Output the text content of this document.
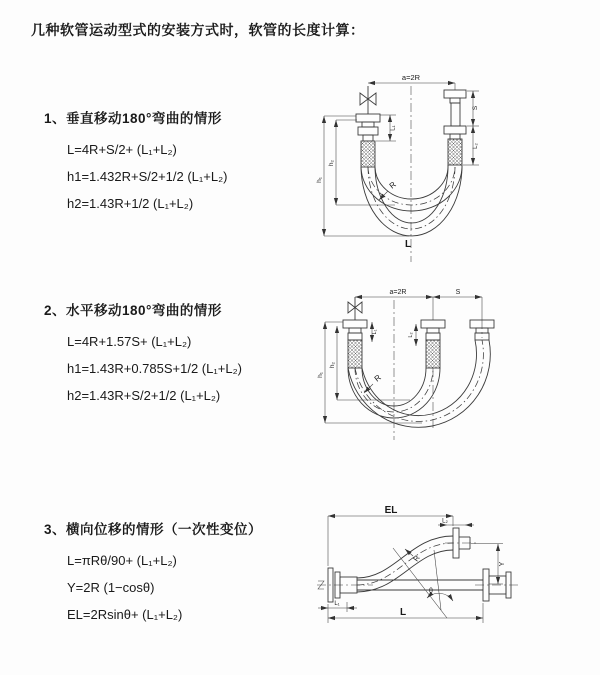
几种软管运动型式的安装方式时，软管的长度计算：
1、垂直移动180°弯曲的情形
L=4R+S/2+ (L₁+L₂)
h1=1.432R+S/2+1/2 (L₁+L₂)
h2=1.43R+1/2 (L₁+L₂)
2、水平移动180°弯曲的情形
L=4R+1.57S+ (L₁+L₂)
h1=1.43R+0.785S+1/2 (L₁+L₂)
h2=1.43R+S/2+1/2 (L₁+L₂)
3、横向位移的情形（一次性变位）
L=πRθ/90+ (L₁+L₂)
Y=2R (1−cosθ)
EL=2Rsinθ+ (L₁+L₂)
a=2R
h₁
h₂
L₁
S
L₂
R
L
a=2R	S
h₁
h₂
L₁
L₂
R
θ
R
EL
L₂
Y
L
L₁
